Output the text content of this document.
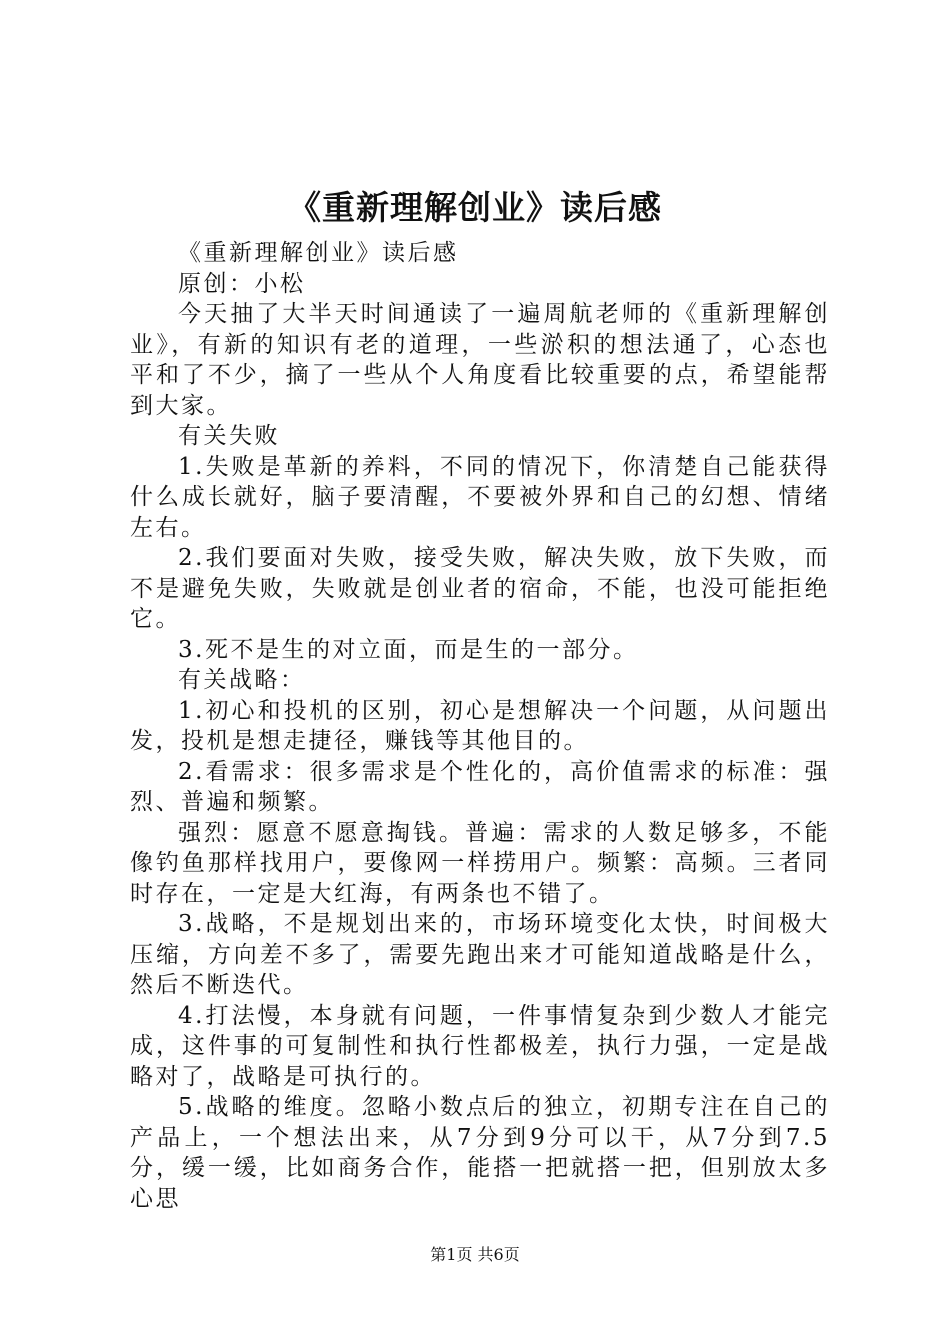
《重新理解创业》读后感

《重新理解创业》读后感

原创：小松

今天抽了大半天时间通读了一遍周航老师的《重新理解创业》，有新的知识有老的道理，一些淤积的想法通了，心态也平和了不少，摘了一些从个人角度看比较重要的点，希望能帮到大家。

有关失败

1.失败是革新的养料，不同的情况下，你清楚自己能获得什么成长就好，脑子要清醒，不要被外界和自己的幻想、情绪左右。

2.我们要面对失败，接受失败，解决失败，放下失败，而不是避免失败，失败就是创业者的宿命，不能，也没可能拒绝它。

3.死不是生的对立面，而是生的一部分。

有关战略：

1.初心和投机的区别，初心是想解决一个问题，从问题出发，投机是想走捷径，赚钱等其他目的。

2.看需求：很多需求是个性化的，高价值需求的标准：强烈、普遍和频繁。

强烈：愿意不愿意掏钱。普遍：需求的人数足够多，不能像钓鱼那样找用户，要像网一样捞用户。频繁：高频。三者同时存在，一定是大红海，有两条也不错了。

3.战略，不是规划出来的，市场环境变化太快，时间极大压缩，方向差不多了，需要先跑出来才可能知道战略是什么，然后不断迭代。

4.打法慢，本身就有问题，一件事情复杂到少数人才能完成，这件事的可复制性和执行性都极差，执行力强，一定是战略对了，战略是可执行的。

5.战略的维度。忽略小数点后的独立，初期专注在自己的产品上，一个想法出来，从7分到9分可以干，从7分到7.5分，缓一缓，比如商务合作，能搭一把就搭一把，但别放太多心思

第1页 共6页
